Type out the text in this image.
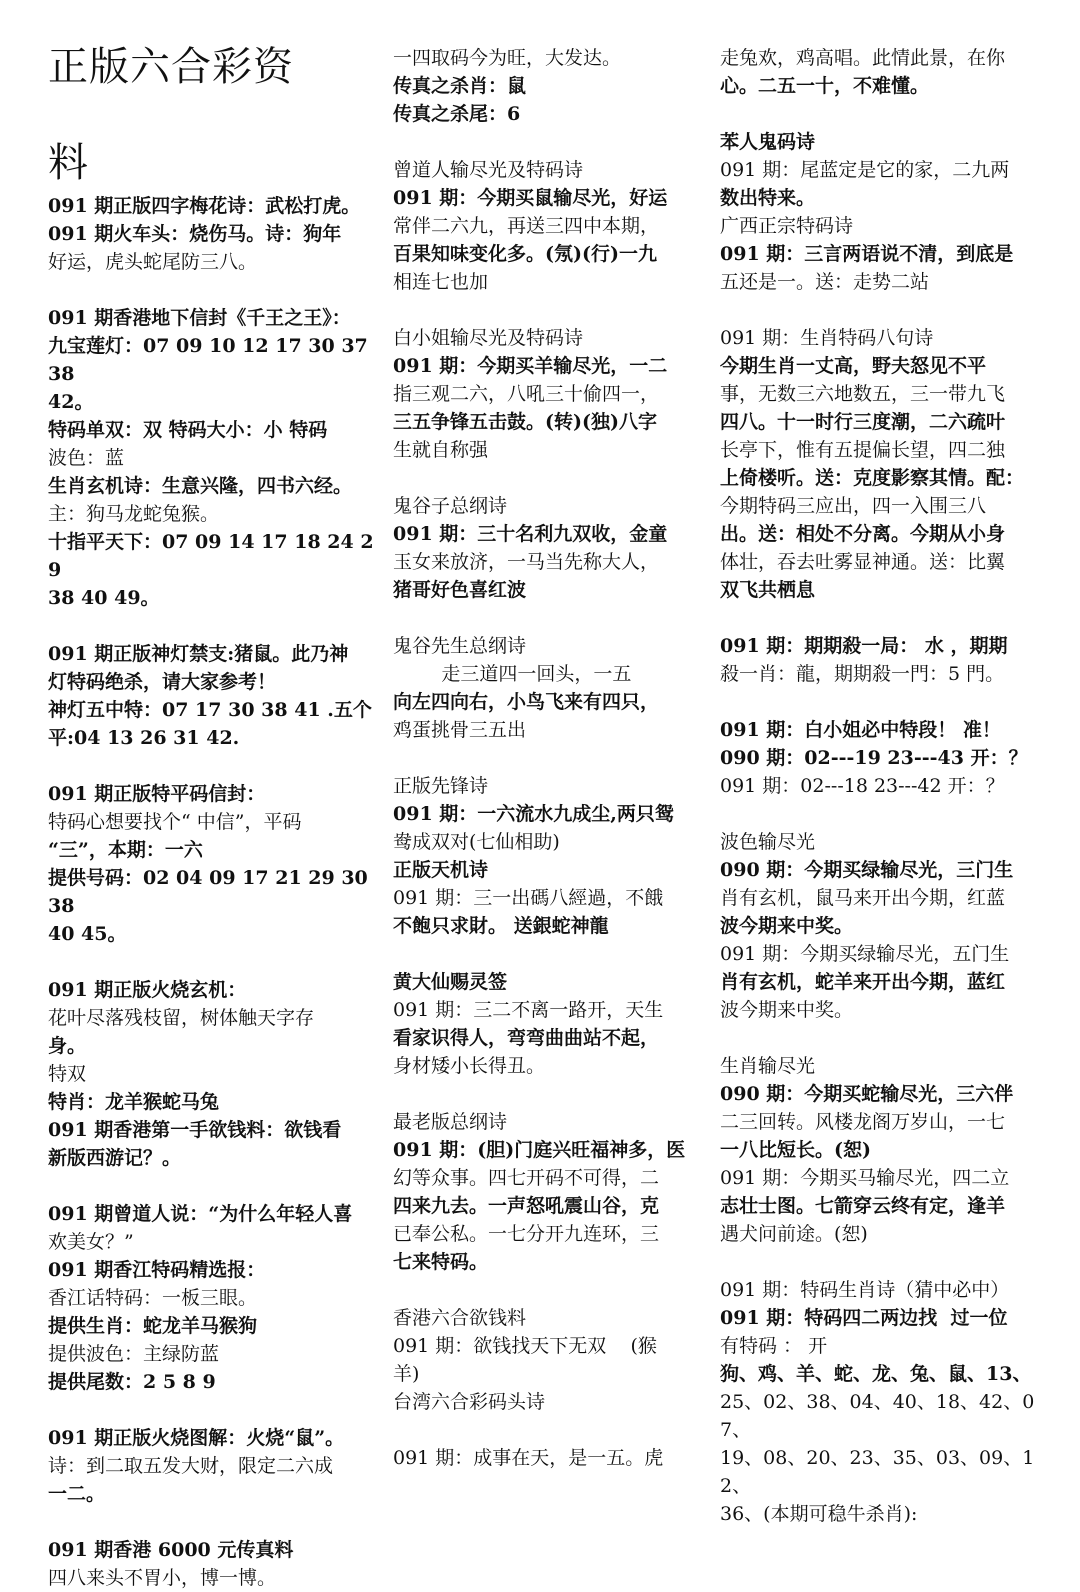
正版六合彩资
料
091 期正版四字梅花诗：武松打虎。
091 期火车头：烧伤马。诗：狗年
好运，虎头蛇尾防三八。
091 期香港地下信封《千王之王》：
九宝莲灯：07 09 10 12 17 30 37 38
42。
特码单双：双 特码大小：小 特码
波色：蓝
生肖玄机诗：生意兴隆，四书六经。
主：狗马龙蛇兔猴。
十指平天下：07 09 14 17 18 24 29
38 40 49。
091 期正版神灯禁支:猪鼠。此乃神
灯特码绝杀，请大家参考！
神灯五中特：07 17 30 38 41 .五个
平:04 13 26 31 42.
091 期正版特平码信封：
特码心想要找个“ 中信”，平码
“三”，本期：一六
提供号码：02 04 09 17 21 29 30 38
40 45。
091 期正版火烧玄机：
花叶尽落残枝留，树体触天字存
身。
特双
特肖：龙羊猴蛇马兔
091 期香港第一手欲钱料：欲钱看
新版西游记？。
091 期曾道人说：“为什么年轻人喜
欢美女？”
091 期香江特码精选报：
香江话特码：一板三眼。
提供生肖：蛇龙羊马猴狗
提供波色：主绿防蓝
提供尾数：2 5 8 9
091 期正版火烧图解：火烧“鼠”。
诗：到二取五发大财，限定二六成
一二。
091 期香港 6000 元传真料
四八来头不胃小，博一博。
一四取码今为旺，大发达。
传真之杀肖：鼠
传真之杀尾：6
曾道人输尽光及特码诗
091 期：今期买鼠输尽光，好运
常伴二六九，再送三四中本期，
百果知味变化多。(氖)(行)一九
相连七也加
白小姐输尽光及特码诗
091 期：今期买羊输尽光，一二
指三观二六，八吼三十偷四一，
三五争锋五击鼓。(转)(独)八字
生就自称强
鬼谷子总纲诗
091 期：三十名利九双收，金童
玉女来放济，一马当先称大人，
猪哥好色喜红波
鬼谷先生总纲诗
走三道四一回头，一五
向左四向右，小鸟飞来有四只，
鸡蛋挑骨三五出
正版先锋诗
091 期：一六流水九成尘,两只鸳
鸯成双对(七仙相助)
正版天机诗
091 期：三一出碼八經過，不餓
不飽只求財。 送銀蛇神龍
黄大仙赐灵签
091 期：三二不离一路开，天生
看家识得人，弯弯曲曲站不起，
身材矮小长得丑。
最老版总纲诗
091 期：(胆)门庭兴旺福神多，医
幻等众事。四七开码不可得，二
四来九去。一声怒吼震山谷，克
已奉公私。一七分开九连环，三
七来特码。
香港六合欲钱料
091 期：欲钱找天下无双    (猴
羊)
台湾六合彩码头诗
091 期：成事在天，是一五。虎
走兔欢，鸡高唱。此情此景，在你
心。二五一十，不难懂。
苯人鬼码诗
091 期：尾蓝定是它的家，二九两
数出特来。
广西正宗特码诗
091 期：三言两语说不清，到底是
五还是一。送：走势二站
091 期：生肖特码八句诗
今期生肖一丈高，野夫怒见不平
事，无数三六地数五，三一带九飞
四八。十一时行三度潮，二六疏叶
长亭下，惟有五提偏长望，四二独
上倚楼听。送：克度影察其情。配：
今期特码三应出，四一入围三八
出。送：相处不分离。今期从小身
体壮，吞去吐雾显神通。送：比翼
双飞共栖息
091 期：期期殺一局： 水 ，期期
殺一肖：龍，期期殺一門：5 門。
091 期：白小姐必中特段！ 准！
090 期：02---19 23---43 开：？
091 期：02---18 23---42 开：？
波色输尽光
090 期：今期买绿输尽光，三门生
肖有玄机，鼠马来开出今期，红蓝
波今期来中奖。
091 期：今期买绿输尽光，五门生
肖有玄机，蛇羊来开出今期，蓝红
波今期来中奖。
生肖输尽光
090 期：今期买蛇输尽光，三六伴
二三回转。风楼龙阁万岁山，一七
一八比短长。(恕)
091 期：今期买马输尽光，四二立
志壮士图。七箭穿云终有定，逢羊
遇犬问前途。(恕)
091 期：特码生肖诗（猜中必中）
091 期：特码四二两边找  过一位
有特码 ： 开
狗、鸡、羊、蛇、龙、兔、鼠、13、
25、02、38、04、40、18、42、07、
19、08、20、23、35、03、09、12、
36、(本期可稳牛杀肖):
